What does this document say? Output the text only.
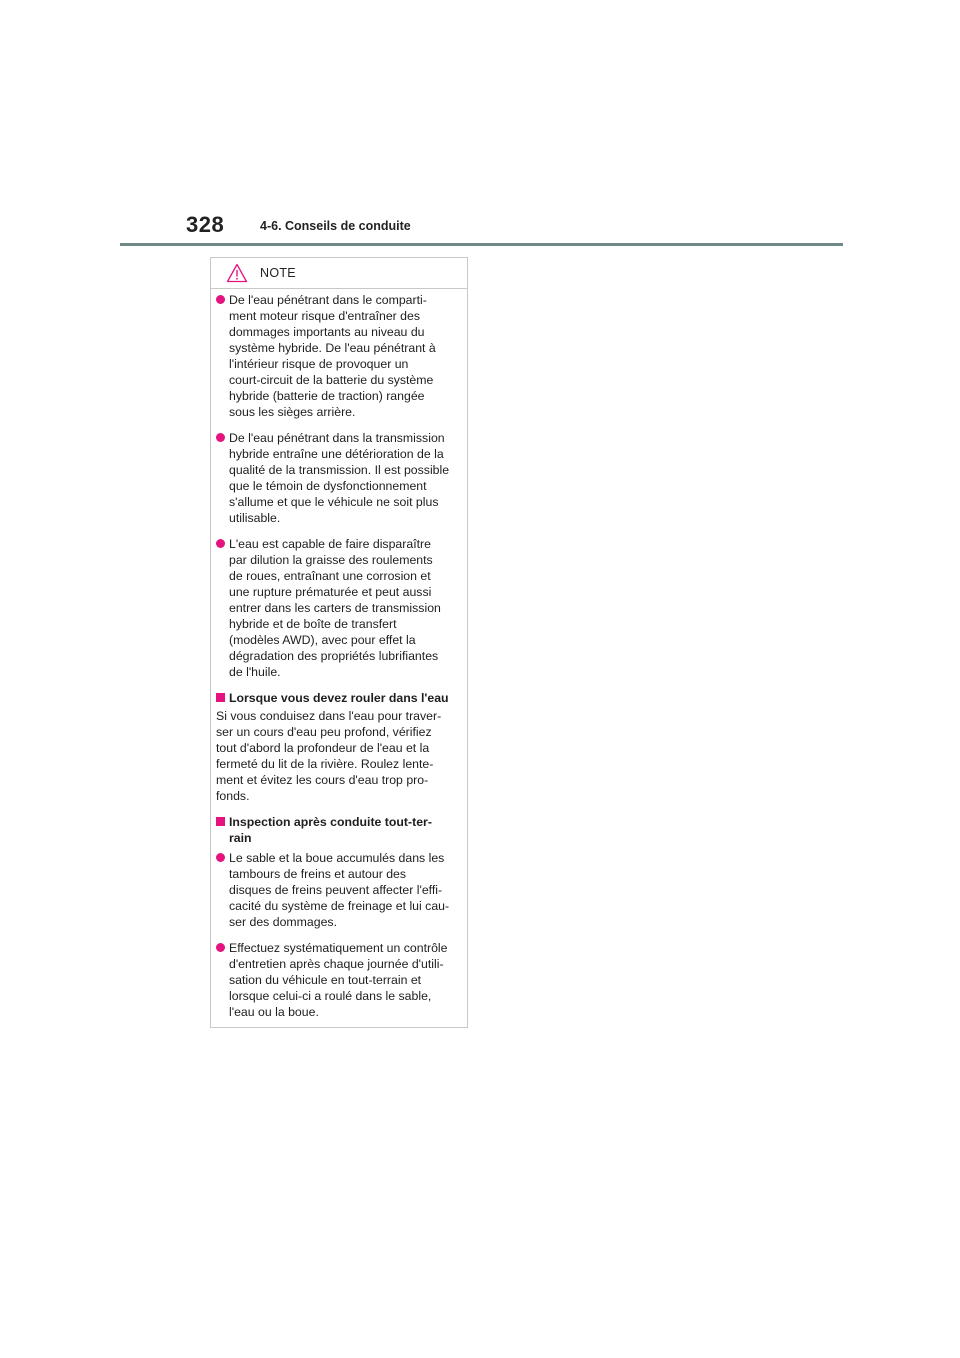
328	4-6. Conseils de conduite
NOTE
De l'eau pénétrant dans le comparti-
ment moteur risque d'entraîner des
dommages importants au niveau du
système hybride. De l'eau pénétrant à
l'intérieur risque de provoquer un
court-circuit de la batterie du système
hybride (batterie de traction) rangée
sous les sièges arrière.
De l'eau pénétrant dans la transmission
hybride entraîne une détérioration de la
qualité de la transmission. Il est possible
que le témoin de dysfonctionnement
s'allume et que le véhicule ne soit plus
utilisable.
L'eau est capable de faire disparaître
par dilution la graisse des roulements
de roues, entraînant une corrosion et
une rupture prématurée et peut aussi
entrer dans les carters de transmission
hybride et de boîte de transfert
(modèles AWD), avec pour effet la
dégradation des propriétés lubrifiantes
de l'huile.
Lorsque vous devez rouler dans l'eau
Si vous conduisez dans l'eau pour traver-
ser un cours d'eau peu profond, vérifiez
tout d'abord la profondeur de l'eau et la
fermeté du lit de la rivière. Roulez lente-
ment et évitez les cours d'eau trop pro-
fonds.
Inspection après conduite tout-ter-
rain
Le sable et la boue accumulés dans les
tambours de freins et autour des
disques de freins peuvent affecter l'effi-
cacité du système de freinage et lui cau-
ser des dommages.
Effectuez systématiquement un contrôle
d'entretien après chaque journée d'utili-
sation du véhicule en tout-terrain et
lorsque celui-ci a roulé dans le sable,
l'eau ou la boue.
